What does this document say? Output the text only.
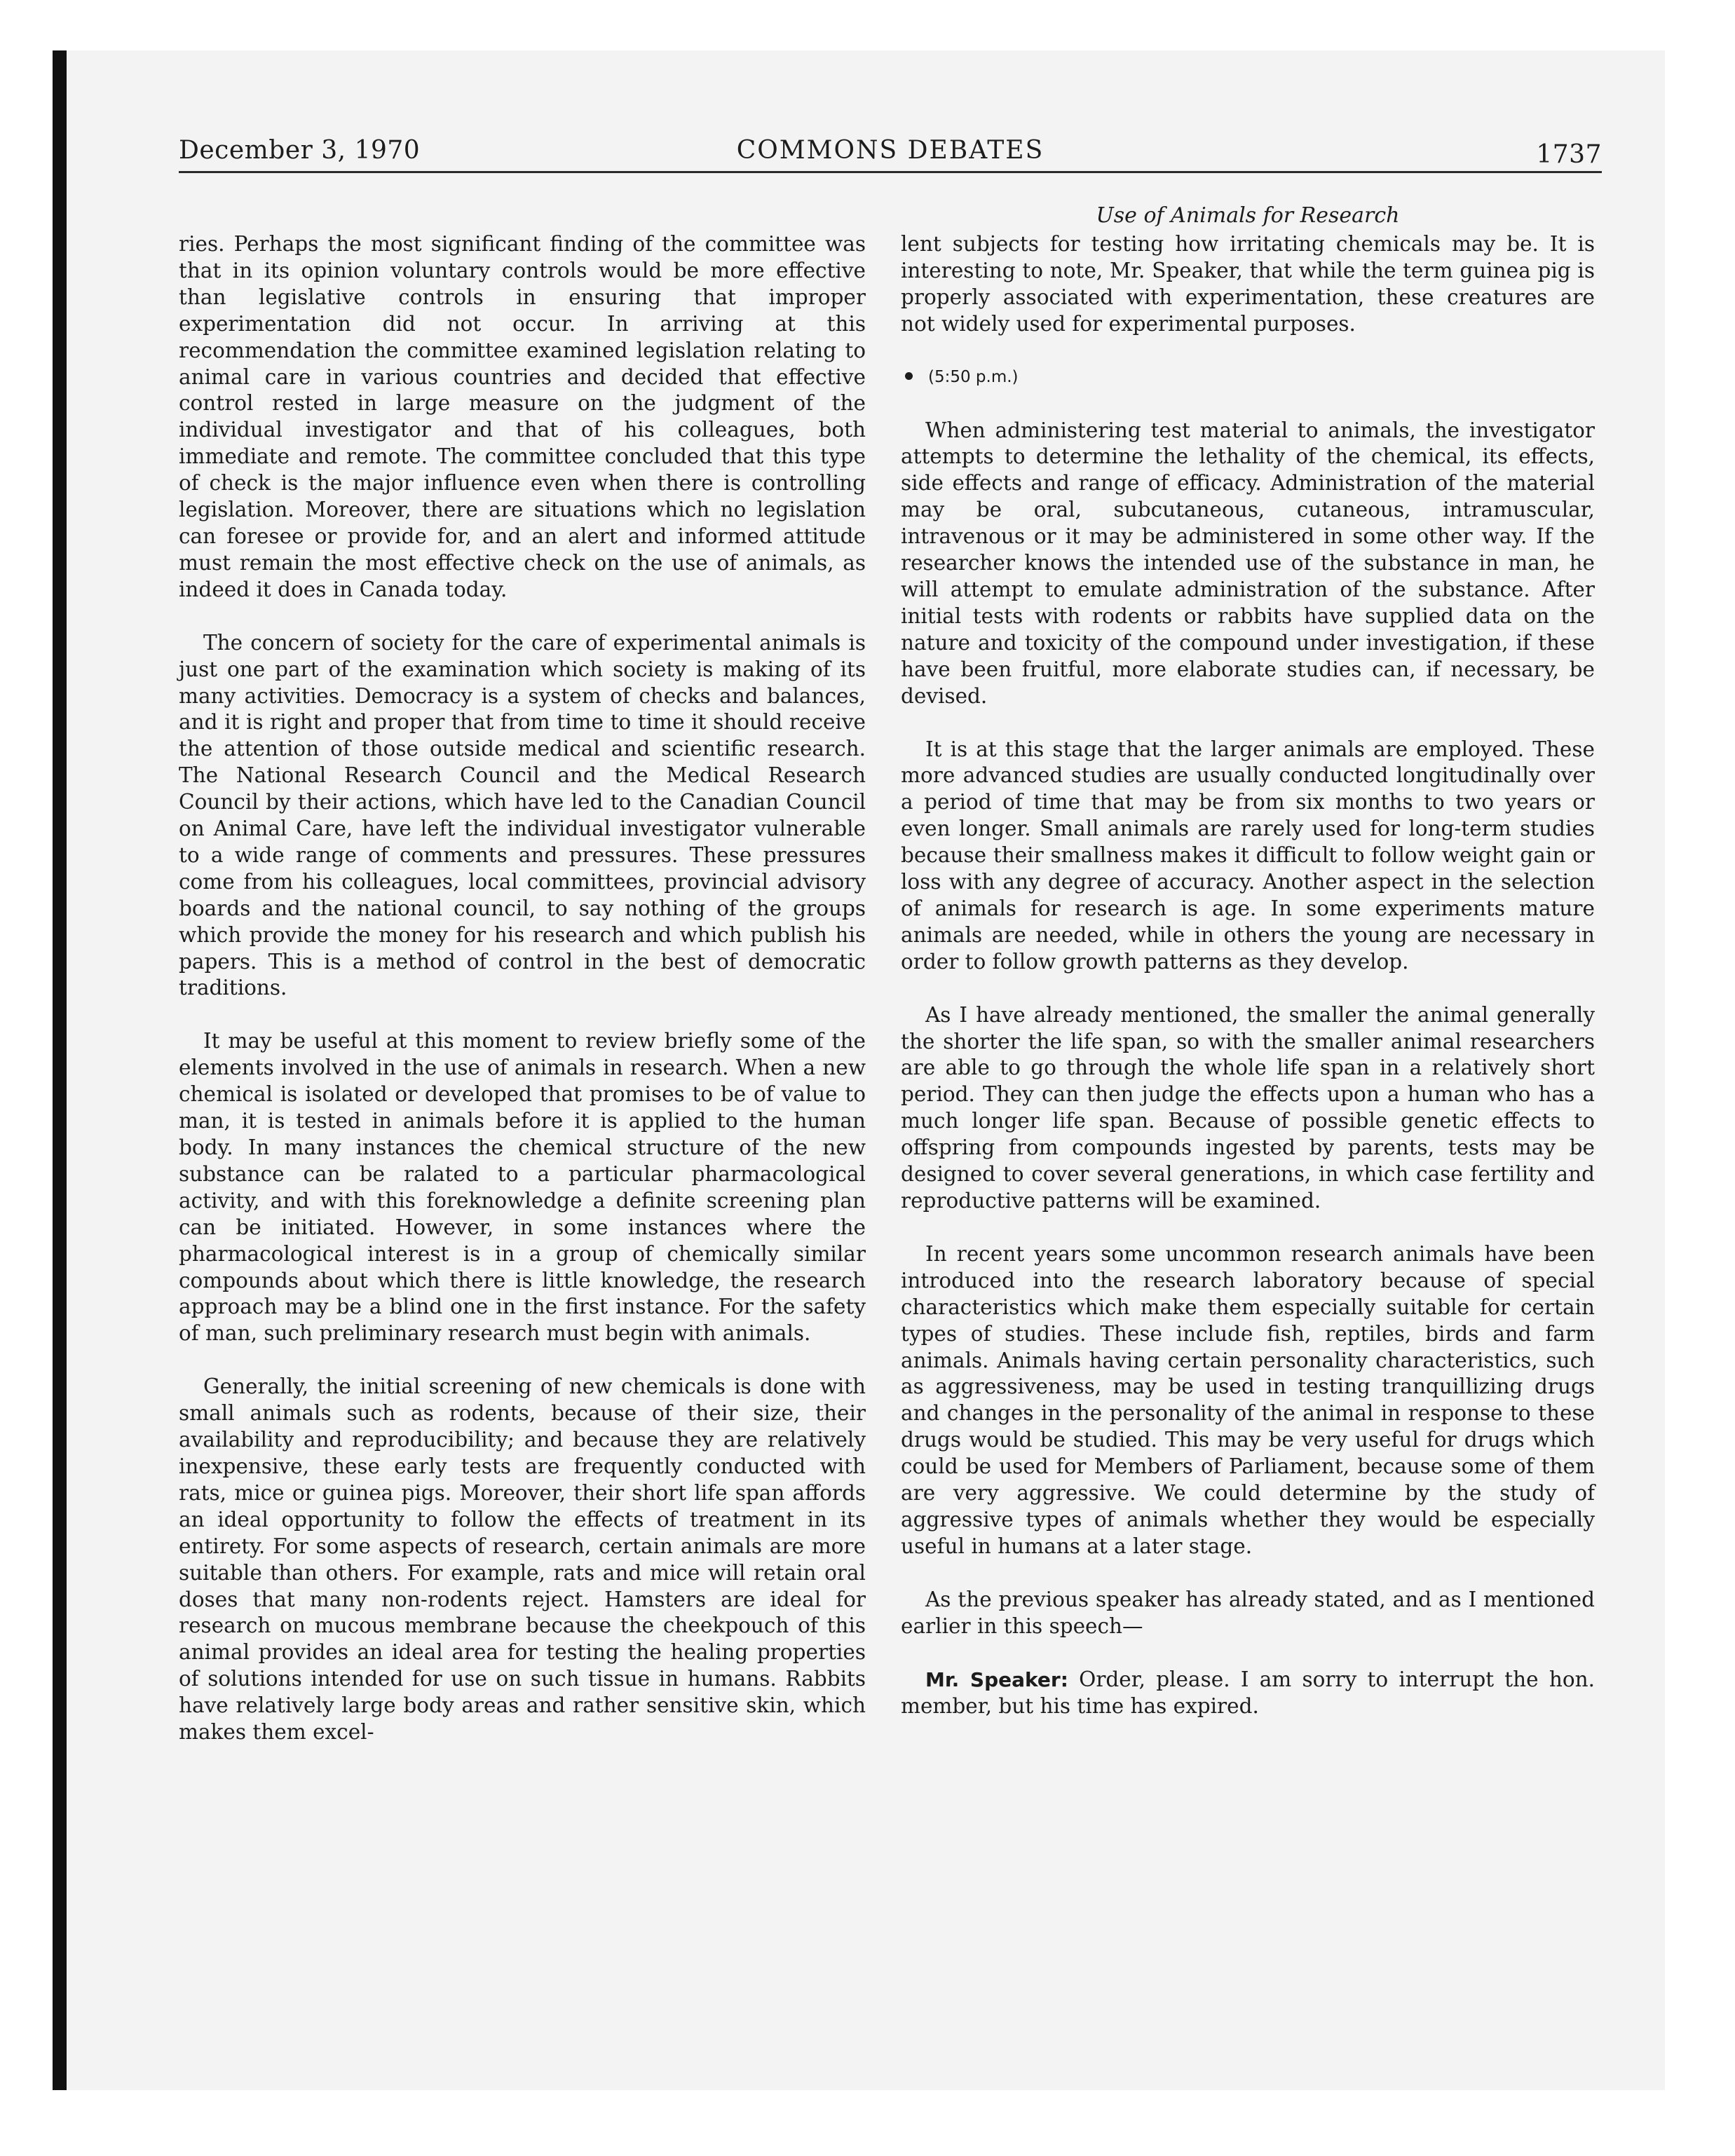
December 3, 1970	COMMONS DEBATES	1737
Use of Animals for Research

ries. Perhaps the most significant finding of the committee was that in its opinion voluntary controls would be more effective than legislative controls in ensuring that improper experimentation did not occur. In arriving at this recommendation the committee examined legislation relating to animal care in various countries and decided that effective control rested in large measure on the judgment of the individual investigator and that of his colleagues, both immediate and remote. The committee concluded that this type of check is the major influence even when there is controlling legislation. Moreover, there are situations which no legislation can foresee or provide for, and an alert and informed attitude must remain the most effective check on the use of animals, as indeed it does in Canada today.

The concern of society for the care of experimental animals is just one part of the examination which society is making of its many activities. Democracy is a system of checks and balances, and it is right and proper that from time to time it should receive the attention of those outside medical and scientific research. The National Research Council and the Medical Research Council by their actions, which have led to the Canadian Council on Animal Care, have left the individual investigator vulnerable to a wide range of comments and pressures. These pressures come from his colleagues, local committees, provincial advisory boards and the national council, to say nothing of the groups which provide the money for his research and which publish his papers. This is a method of control in the best of democratic traditions.

It may be useful at this moment to review briefly some of the elements involved in the use of animals in research. When a new chemical is isolated or developed that promises to be of value to man, it is tested in animals before it is applied to the human body. In many instances the chemical structure of the new substance can be ralated to a particular pharmacological activity, and with this foreknowledge a definite screening plan can be initiated. However, in some instances where the pharmacological interest is in a group of chemically similar compounds about which there is little knowledge, the research approach may be a blind one in the first instance. For the safety of man, such preliminary research must begin with animals.

Generally, the initial screening of new chemicals is done with small animals such as rodents, because of their size, their availability and reproducibility; and because they are relatively inexpensive, these early tests are frequently conducted with rats, mice or guinea pigs. Moreover, their short life span affords an ideal opportunity to follow the effects of treatment in its entirety. For some aspects of research, certain animals are more suitable than others. For example, rats and mice will retain oral doses that many non-rodents reject. Hamsters are ideal for research on mucous membrane because the cheekpouch of this animal provides an ideal area for testing the healing properties of solutions intended for use on such tissue in humans. Rabbits have relatively large body areas and rather sensitive skin, which makes them excel-

lent subjects for testing how irritating chemicals may be. It is interesting to note, Mr. Speaker, that while the term guinea pig is properly associated with experimentation, these creatures are not widely used for experimental purposes.

(5:50 p.m.)

When administering test material to animals, the investigator attempts to determine the lethality of the chemical, its effects, side effects and range of efficacy. Administration of the material may be oral, subcutaneous, cutaneous, intramuscular, intravenous or it may be administered in some other way. If the researcher knows the intended use of the substance in man, he will attempt to emulate administration of the substance. After initial tests with rodents or rabbits have supplied data on the nature and toxicity of the compound under investigation, if these have been fruitful, more elaborate studies can, if necessary, be devised.

It is at this stage that the larger animals are employed. These more advanced studies are usually conducted longitudinally over a period of time that may be from six months to two years or even longer. Small animals are rarely used for long-term studies because their smallness makes it difficult to follow weight gain or loss with any degree of accuracy. Another aspect in the selection of animals for research is age. In some experiments mature animals are needed, while in others the young are necessary in order to follow growth patterns as they develop.

As I have already mentioned, the smaller the animal generally the shorter the life span, so with the smaller animal researchers are able to go through the whole life span in a relatively short period. They can then judge the effects upon a human who has a much longer life span. Because of possible genetic effects to offspring from compounds ingested by parents, tests may be designed to cover several generations, in which case fertility and reproductive patterns will be examined.

In recent years some uncommon research animals have been introduced into the research laboratory because of special characteristics which make them especially suitable for certain types of studies. These include fish, reptiles, birds and farm animals. Animals having certain personality characteristics, such as aggressiveness, may be used in testing tranquillizing drugs and changes in the personality of the animal in response to these drugs would be studied. This may be very useful for drugs which could be used for Members of Parliament, because some of them are very aggressive. We could determine by the study of aggressive types of animals whether they would be especially useful in humans at a later stage.

As the previous speaker has already stated, and as I mentioned earlier in this speech—

Mr. Speaker: Order, please. I am sorry to interrupt the hon. member, but his time has expired.
